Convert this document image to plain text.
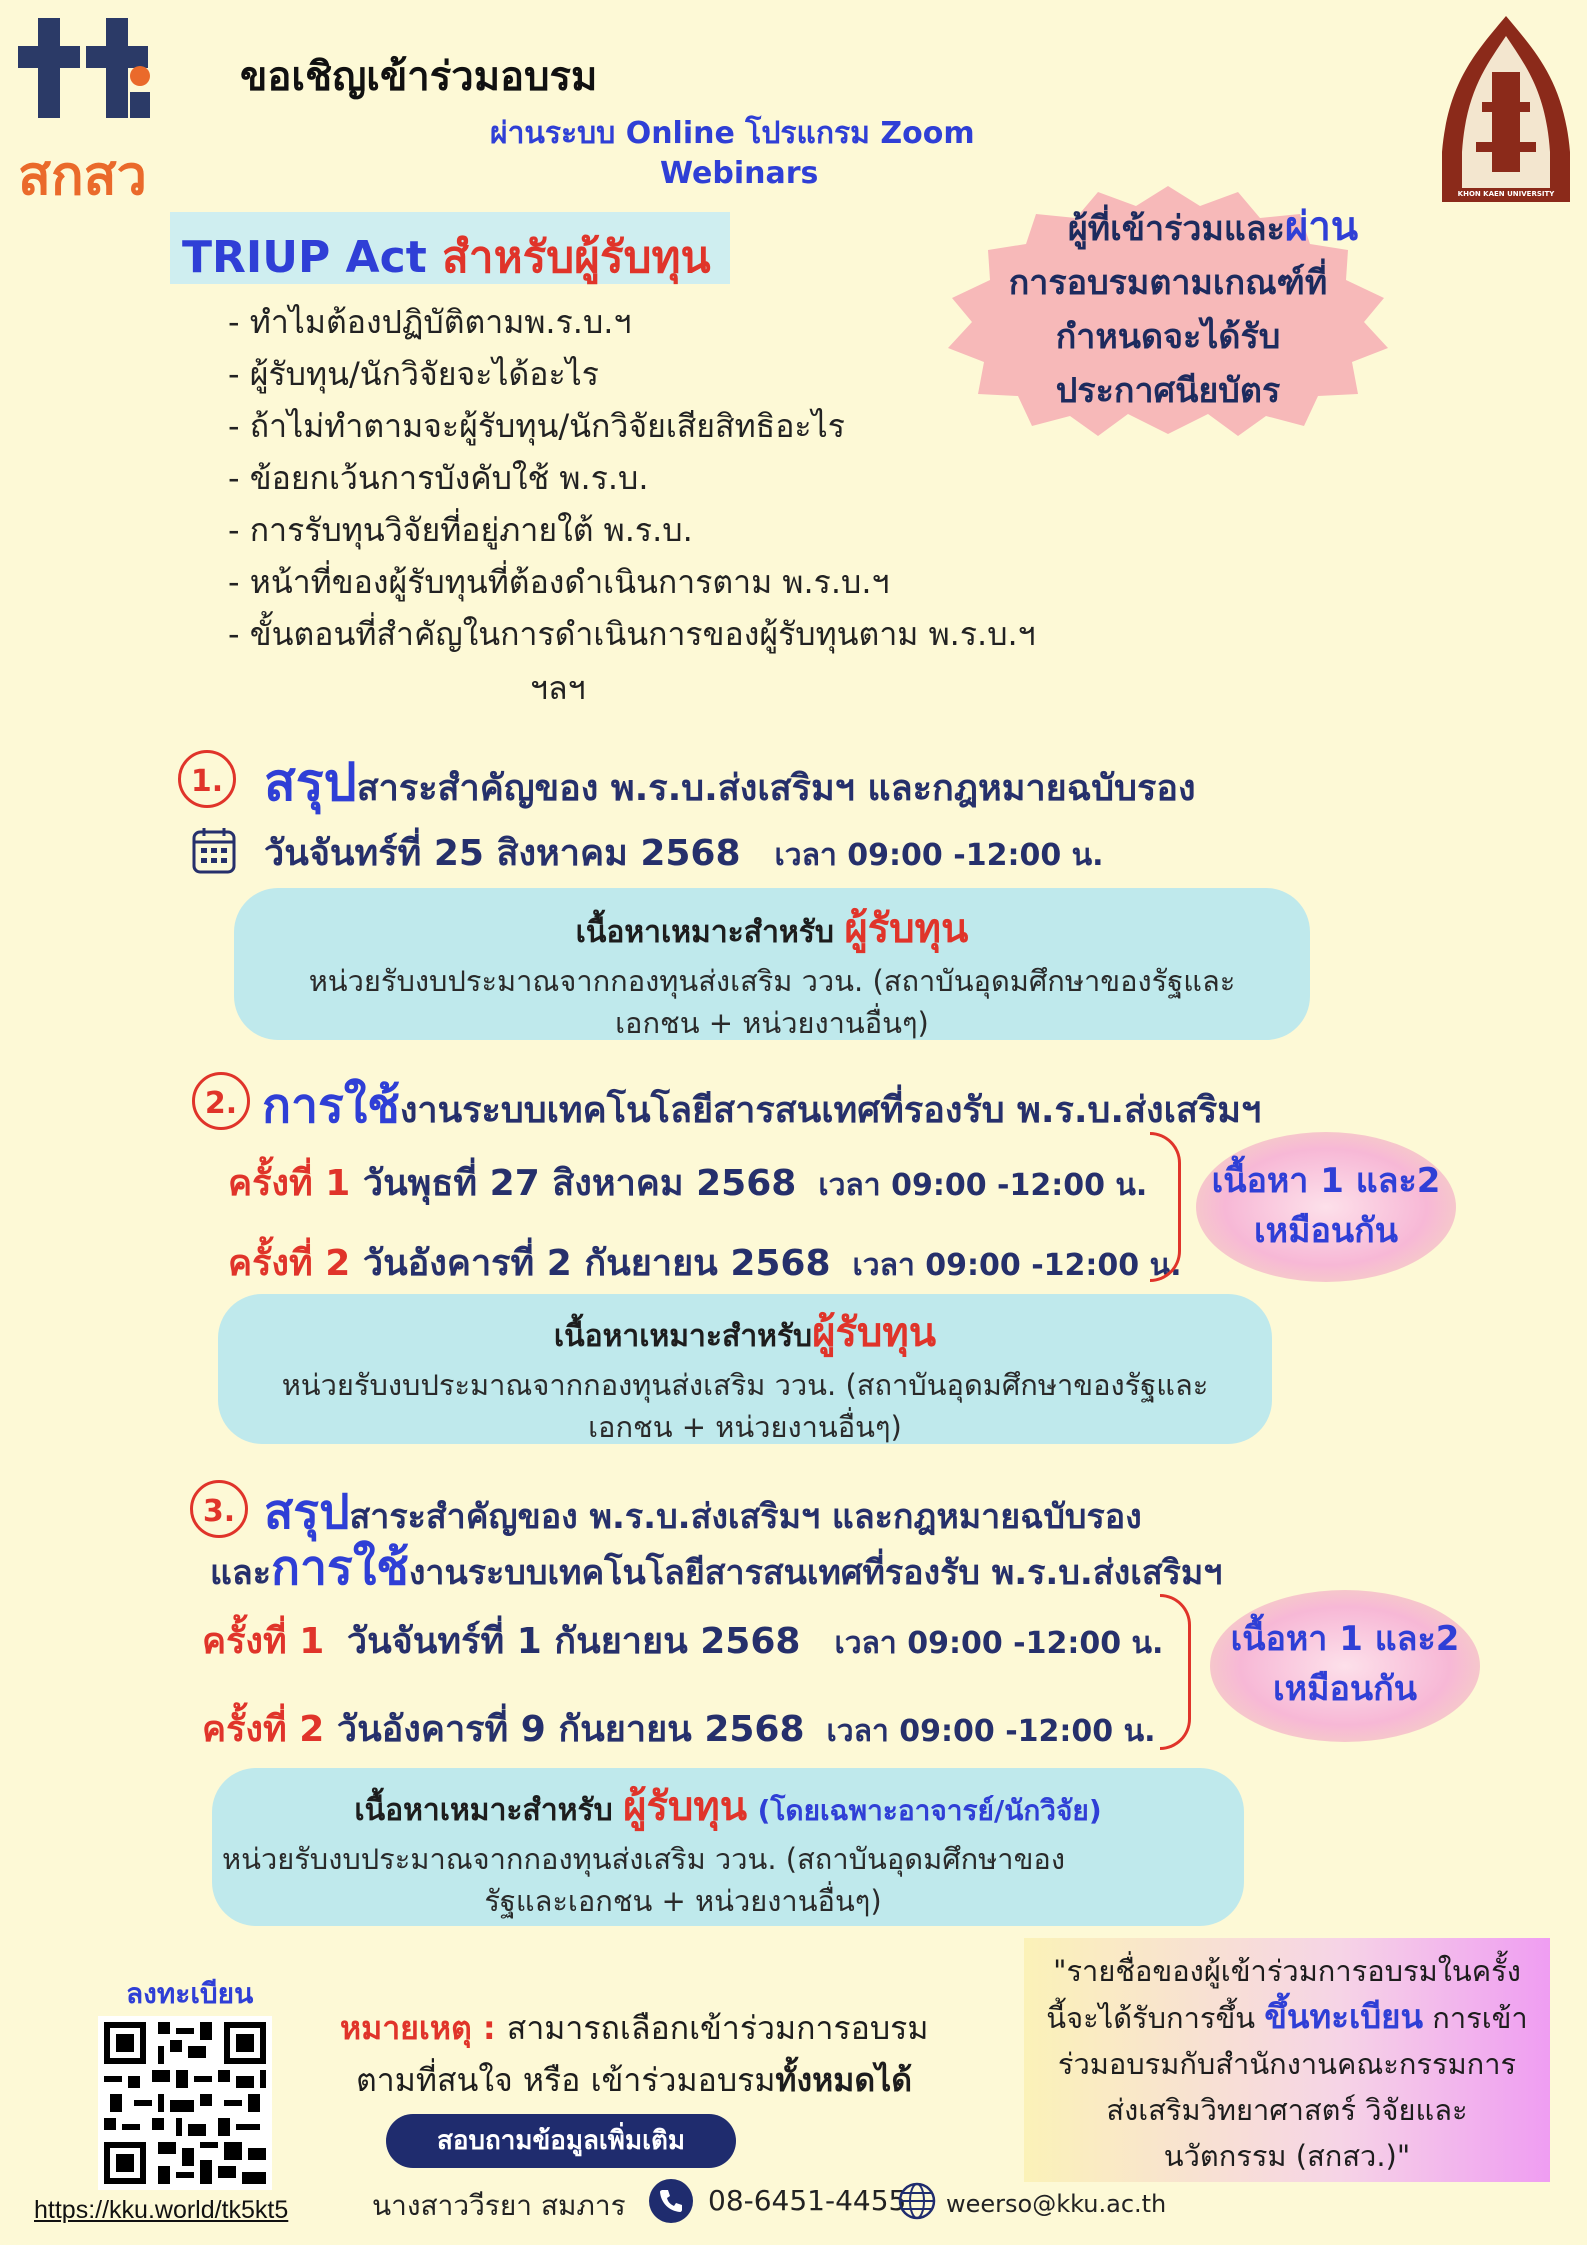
สกสว
ขอเชิญเข้าร่วมอบรม
ผ่านระบบ Online โปรแกรม Zoom
Webinars
KHON KAEN UNIVERSITY
TRIUP Act สำหรับผู้รับทุน
- ทำไมต้องปฏิบัติตามพ.ร.บ.ฯ
- ผู้รับทุน/นักวิจัยจะได้อะไร
- ถ้าไม่ทำตามจะผู้รับทุน/นักวิจัยเสียสิทธิอะไร
- ข้อยกเว้นการบังคับใช้ พ.ร.บ.
- การรับทุนวิจัยที่อยู่ภายใต้ พ.ร.บ.
- หน้าที่ของผู้รับทุนที่ต้องดำเนินการตาม พ.ร.บ.ฯ
- ขั้นตอนที่สำคัญในการดำเนินการของผู้รับทุนตาม พ.ร.บ.ฯ
ฯลฯ
ผู้ที่เข้าร่วมและผ่าน
การอบรมตามเกณฑ์ที่
กำหนดจะได้รับ
ประกาศนียบัตร
1. สรุปสาระสำคัญของ พ.ร.บ.ส่งเสริมฯ และกฎหมายฉบับรอง
วันจันทร์ที่ 25 สิงหาคม 2568 เวลา 09:00 -12:00 น.
เนื้อหาเหมาะสำหรับ ผู้รับทุน
หน่วยรับงบประมาณจากกองทุนส่งเสริม ววน. (สถาบันอุดมศึกษาของรัฐและ
เอกชน + หน่วยงานอื่นๆ)
2. การใช้งานระบบเทคโนโลยีสารสนเทศที่รองรับ พ.ร.บ.ส่งเสริมฯ
ครั้งที่ 1 วันพุธที่ 27 สิงหาคม 2568 เวลา 09:00 -12:00 น.
ครั้งที่ 2 วันอังคารที่ 2 กันยายน 2568 เวลา 09:00 -12:00 น.
เนื้อหา 1 และ2
เหมือนกัน
เนื้อหาเหมาะสำหรับผู้รับทุน
หน่วยรับงบประมาณจากกองทุนส่งเสริม ววน. (สถาบันอุดมศึกษาของรัฐและ
เอกชน + หน่วยงานอื่นๆ)
3. สรุปสาระสำคัญของ พ.ร.บ.ส่งเสริมฯ และกฎหมายฉบับรอง
และการใช้งานระบบเทคโนโลยีสารสนเทศที่รองรับ พ.ร.บ.ส่งเสริมฯ
ครั้งที่ 1 วันจันทร์ที่ 1 กันยายน 2568 เวลา 09:00 -12:00 น.
ครั้งที่ 2 วันอังคารที่ 9 กันยายน 2568 เวลา 09:00 -12:00 น.
เนื้อหา 1 และ2
เหมือนกัน
เนื้อหาเหมาะสำหรับ ผู้รับทุน (โดยเฉพาะอาจารย์/นักวิจัย)
หน่วยรับงบประมาณจากกองทุนส่งเสริม ววน. (สถาบันอุดมศึกษาของ
รัฐและเอกชน + หน่วยงานอื่นๆ)
ลงทะเบียน
https://kku.world/tk5kt5
หมายเหตุ : สามารถเลือกเข้าร่วมการอบรม
ตามที่สนใจ หรือ เข้าร่วมอบรมทั้งหมดได้
สอบถามข้อมูลเพิ่มเติม
นางสาววีรยา สมภาร	08-6451-4455 weerso@kku.ac.th
"รายชื่อของผู้เข้าร่วมการอบรมในครั้ง
นี้จะได้รับการขึ้น ขึ้นทะเบียน การเข้า
ร่วมอบรมกับสำนักงานคณะกรรมการ
ส่งเสริมวิทยาศาสตร์ วิจัยและ
นวัตกรรม (สกสว.)"
